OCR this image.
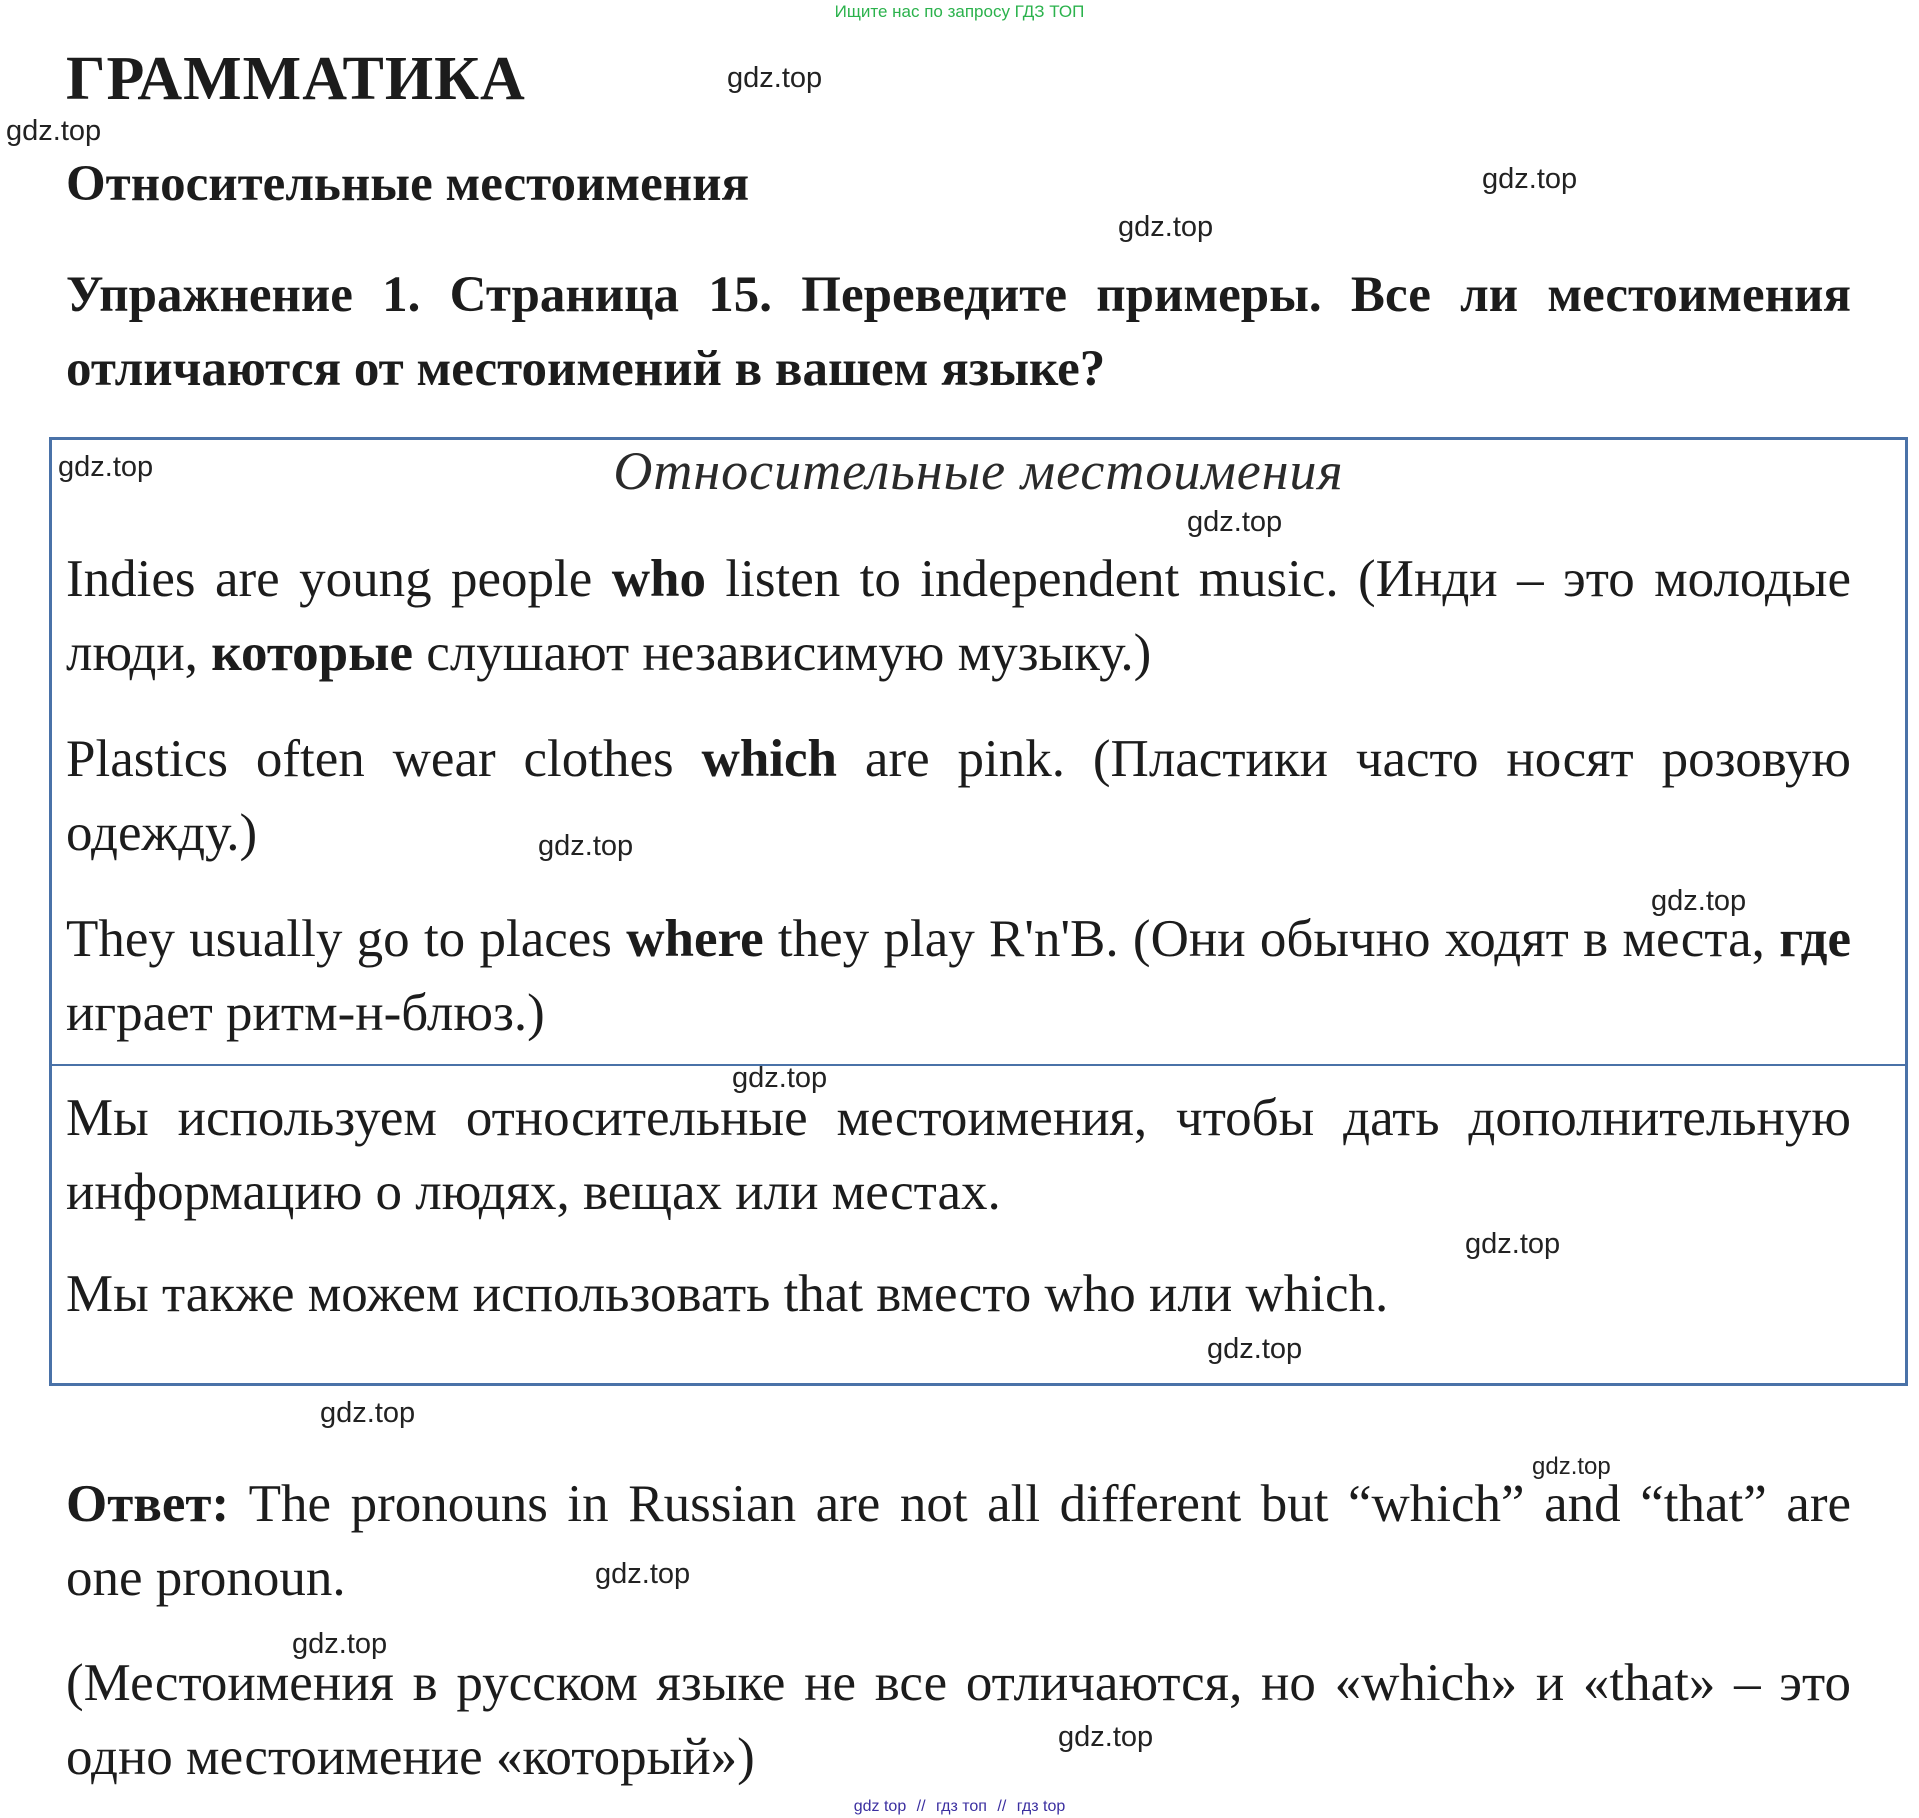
Ищите нас по запросу ГДЗ ТОП
ГРАММАТИКА
Относительные местоимения
Упражнение 1. Страница 15. Переведите примеры. Все ли местоимения отличаются от местоимений в вашем языке?
Относительные местоимения
Indies are young people who listen to independent music. (Инди – это молодые люди, которые слушают независимую музыку.)
Plastics often wear clothes which are pink. (Пластики часто носят розовую одежду.)
They usually go to places where they play R'n'B. (Они обычно ходят в места, где играет ритм-н-блюз.)
Мы используем относительные местоимения, чтобы дать дополнительную информацию о людях, вещах или местах.
Мы также можем использовать that вместо who или which.
Ответ: The pronouns in Russian are not all different but “which” and “that” are one pronoun.
(Местоимения в русском языке не все отличаются, но «which» и «that» – это одно местоимение «который»)
gdz.top
gdz.top
gdz.top
gdz.top
gdz.top
gdz.top
gdz.top
gdz.top
gdz.top
gdz.top
gdz.top
gdz.top
gdz.top
gdz.top
gdz.top
gdz.top
gdz top // гдз топ // гдз top
